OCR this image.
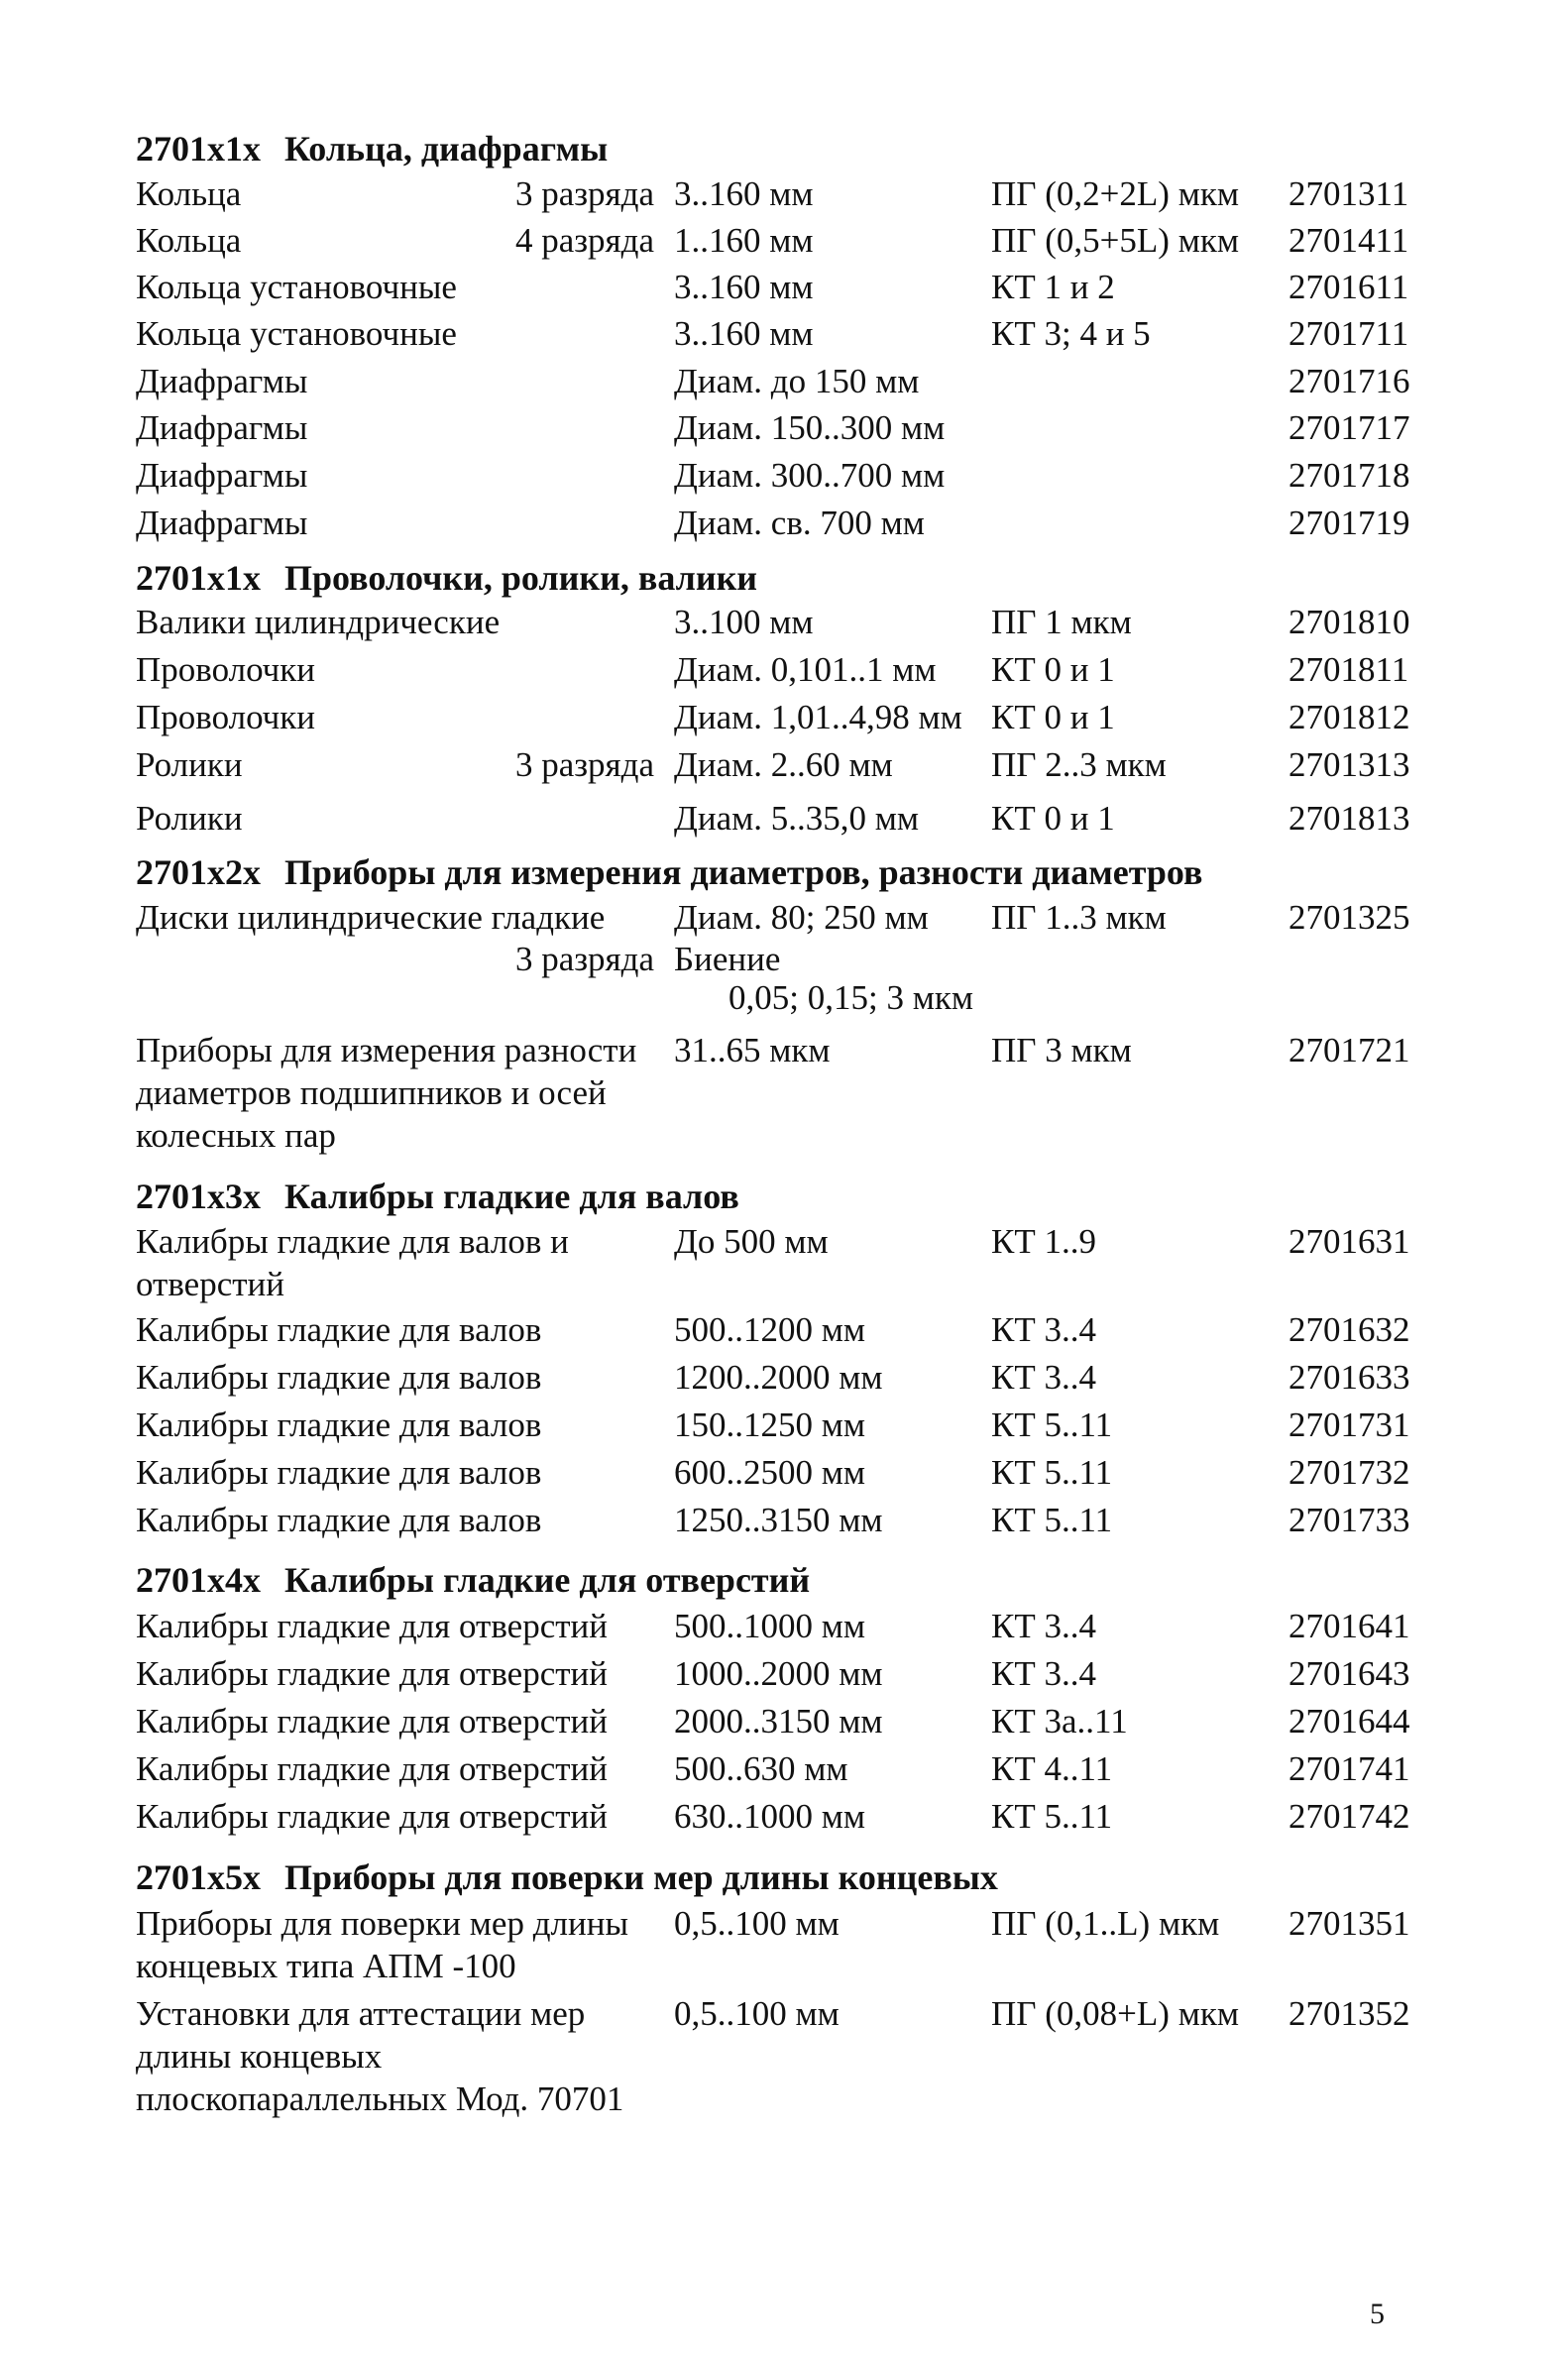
2701x1x Кольца, диафрагмы
Кольца	3 разряда 3..160 мм	ПГ (0,2+2L) мкм 2701311
Кольца	4 разряда 1..160 мм	ПГ (0,5+5L) мкм 2701411
Кольца установочные	3..160 мм	КТ 1 и 2	2701611
Кольца установочные	3..160 мм	КТ 3; 4 и 5	2701711
Диафрагмы	Диам. до 150 мм	2701716
Диафрагмы	Диам. 150..300 мм	2701717
Диафрагмы	Диам. 300..700 мм	2701718
Диафрагмы	Диам. св. 700 мм	2701719
2701x1x Проволочки, ролики, валики
Валики цилиндрические	3..100 мм	ПГ 1 мкм	2701810
Проволочки	Диам. 0,101..1 мм КТ 0 и 1	2701811
Проволочки	Диам. 1,01..4,98 мм КТ 0 и 1	2701812
Ролики	3 разряда Диам. 2..60 мм	ПГ 2..3 мкм	2701313
Ролики	Диам. 5..35,0 мм КТ 0 и 1	2701813
2701x2x Приборы для измерения диаметров, разности диаметров
Диски цилиндрические гладкие Диам. 80; 250 мм ПГ 1..3 мкм	2701325
3 разряда Биение
0,05; 0,15; 3 мкм
Приборы для измерения разности 31..65 мкм	ПГ 3 мкм	2701721
диаметров подшипников и осей
колесных пар
2701x3x Калибры гладкие для валов
Калибры гладкие для валов и	До 500 мм	КТ 1..9	2701631
отверстий
Калибры гладкие для валов	500..1200 мм	КТ 3..4	2701632
Калибры гладкие для валов	1200..2000 мм	КТ 3..4	2701633
Калибры гладкие для валов	150..1250 мм	КТ 5..11	2701731
Калибры гладкие для валов	600..2500 мм	КТ 5..11	2701732
Калибры гладкие для валов	1250..3150 мм	КТ 5..11	2701733
2701x4x Калибры гладкие для отверстий
Калибры гладкие для отверстий 500..1000 мм	КТ 3..4	2701641
Калибры гладкие для отверстий 1000..2000 мм	КТ 3..4	2701643
Калибры гладкие для отверстий 2000..3150 мм	КТ 3а..11	2701644
Калибры гладкие для отверстий 500..630 мм	КТ 4..11	2701741
Калибры гладкие для отверстий 630..1000 мм	КТ 5..11	2701742
2701x5x Приборы для поверки мер длины концевых
Приборы для поверки мер длины 0,5..100 мм	ПГ (0,1..L) мкм 2701351
концевых типа АПМ -100
Установки для аттестации мер	0,5..100 мм	ПГ (0,08+L) мкм 2701352
длины концевых
плоскопараллельных Мод. 70701
5
